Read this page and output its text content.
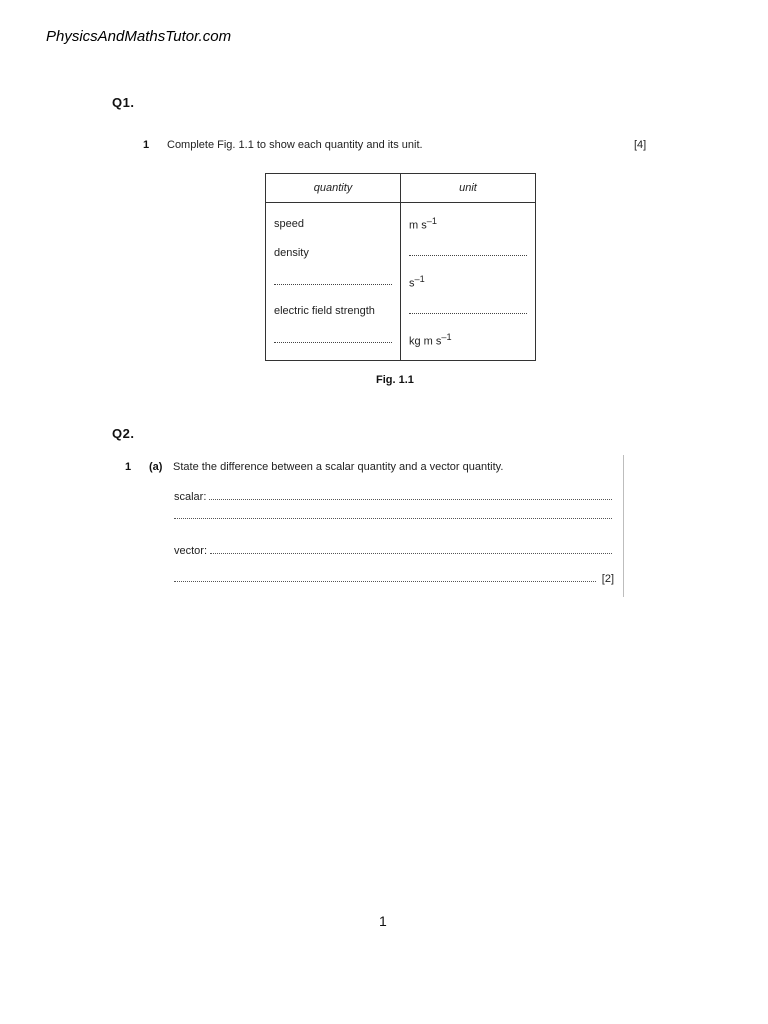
PhysicsAndMathsTutor.com
Q1.
1 Complete Fig. 1.1 to show each quantity and its unit.	[4]
quantity	unit
speed	m $s^{-1}$
density	
	$s^{-1}$
electric field strength	
	kg m $s^{-1}$
Fig. 1.1
Q2.
1 (a) State the difference between a scalar quantity and a vector quantity.
scalar:
vector:
[2]
1
